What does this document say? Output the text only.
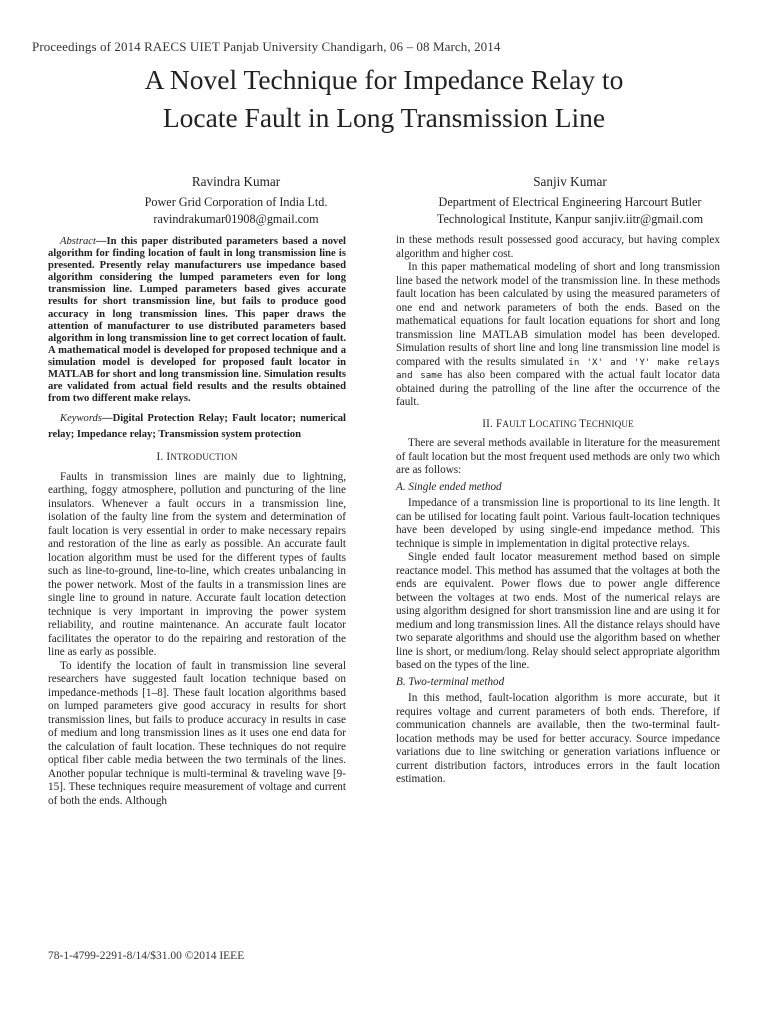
Proceedings of 2014 RAECS UIET Panjab University Chandigarh, 06 – 08 March, 2014
A Novel Technique for Impedance Relay to
Locate Fault in Long Transmission Line
Ravindra Kumar
Power Grid Corporation of India Ltd.
ravindrakumar01908@gmail.com
Sanjiv Kumar
Department of Electrical Engineering Harcourt Butler
Technological Institute, Kanpur sanjiv.iitr@gmail.com
Abstract—In this paper distributed parameters based a novel algorithm for finding location of fault in long transmission line is presented. Presently relay manufacturers use impedance based algorithm considering the lumped parameters even for long transmission line. Lumped parameters based gives accurate results for short transmission line, but fails to produce good accuracy in long transmission lines. This paper draws the attention of manufacturer to use distributed parameters based algorithm in long transmission line to get correct location of fault. A mathematical model is developed for proposed technique and a simulation model is developed for proposed fault locator in MATLAB for short and long transmission line. Simulation results are validated from actual field results and the results obtained from two different make relays.
Keywords—Digital Protection Relay; Fault locator; numerical relay; Impedance relay; Transmission system protection
I. INTRODUCTION
Faults in transmission lines are mainly due to lightning, earthing, foggy atmosphere, pollution and puncturing of the line insulators. Whenever a fault occurs in a transmission line, isolation of the faulty line from the system and determination of fault location is very essential in order to make necessary repairs and restoration of the line as early as possible. An accurate fault location algorithm must be used for the different types of faults such as line-to-ground, line-to-line, which creates unbalancing in the power network. Most of the faults in a transmission lines are single line to ground in nature. Accurate fault location detection technique is very important in improving the power system reliability, and routine maintenance. An accurate fault locator facilitates the operator to do the repairing and restoration of the line as early as possible.
To identify the location of fault in transmission line several researchers have suggested fault location technique based on impedance-methods [1–8]. These fault location algorithms based on lumped parameters give good accuracy in results for short transmission lines, but fails to produce accuracy in results in case of medium and long transmission lines as it uses one end data for the calculation of fault location. These techniques do not require optical fiber cable media between the two terminals of the lines. Another popular technique is multi-terminal & traveling wave [9-15]. These techniques require measurement of voltage and current of both the ends. Although
in these methods result possessed good accuracy, but having complex algorithm and higher cost.
In this paper mathematical modeling of short and long transmission line based the network model of the transmission line. In these methods fault location has been calculated by using the measured parameters of one end and network parameters of both the ends. Based on the mathematical equations for fault location equations for short and long transmission line MATLAB simulation model has been developed. Simulation results of short line and long line transmission line model is compared with the results simulated in 'X' and 'Y' make relays and same has also been compared with the actual fault locator data obtained during the patrolling of the line after the occurrence of the fault.
II. FAULT LOCATING TECHNIQUE
There are several methods available in literature for the measurement of fault location but the most frequent used methods are only two which are as follows:
A. Single ended method
Impedance of a transmission line is proportional to its line length. It can be utilised for locating fault point. Various fault-location techniques have been developed by using single-end impedance method. This technique is simple in implementation in digital protective relays.
Single ended fault locator measurement method based on simple reactance model. This method has assumed that the voltages at both the ends are equivalent. Power flows due to power angle difference between the voltages at two ends. Most of the numerical relays are using algorithm designed for short transmission line and are using it for medium and long transmission lines. All the distance relays should have two separate algorithms and should use the algorithm based on whether line is short, or medium/long. Relay should select appropriate algorithm based on the types of the line.
B. Two-terminal method
In this method, fault-location algorithm is more accurate, but it requires voltage and current parameters of both ends. Therefore, if communication channels are available, then the two-terminal fault-location methods may be used for better accuracy. Source impedance variations due to line switching or generation variations influence or current distribution factors, introduces errors in the fault location estimation.
78-1-4799-2291-8/14/$31.00 ©2014 IEEE
